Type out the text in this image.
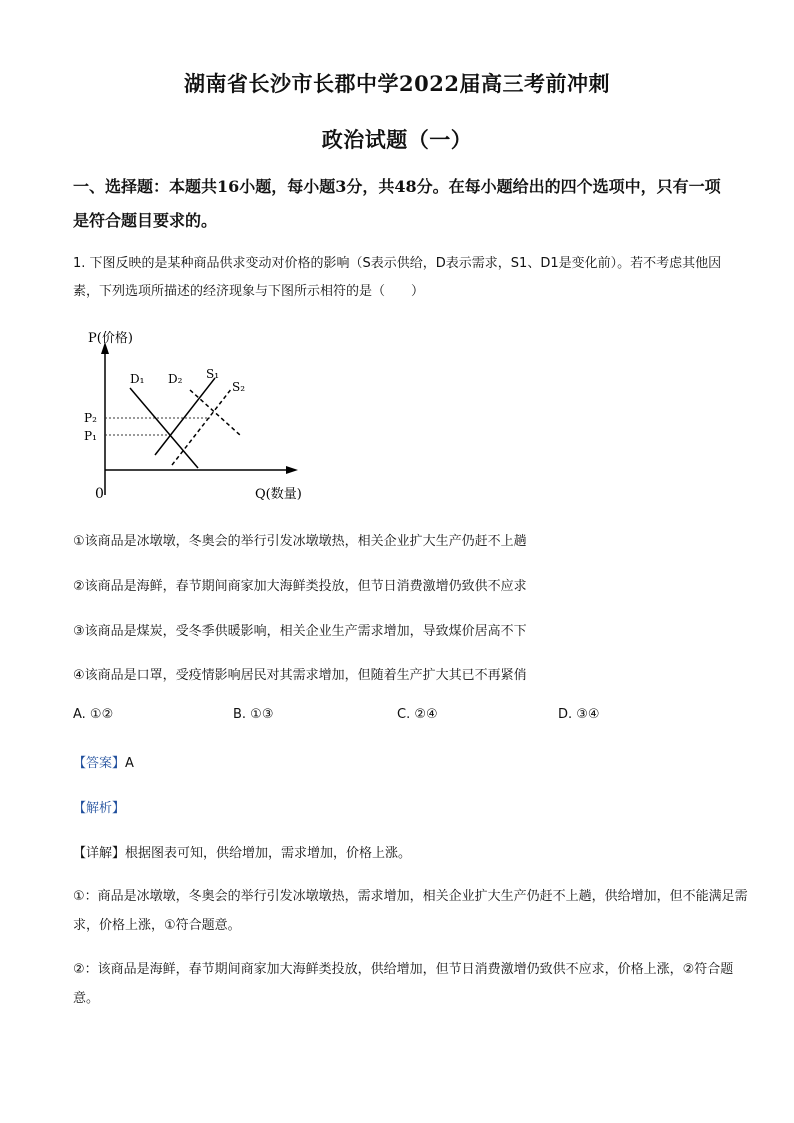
湖南省长沙市长郡中学2022届高三考前冲刺
政治试题（一）
一、选择题：本题共16小题，每小题3分，共48分。在每小题给出的四个选项中，只有一项是符合题目要求的。
1. 下图反映的是某种商品供求变动对价格的影响（S表示供给，D表示需求，S1、D1是变化前）。若不考虑其他因素，下列选项所描述的经济现象与下图所示相符的是（　　）
P(价格)
Q(数量)
0
P₂
P₁
D₁ D₂ S₁
S₂
①该商品是冰墩墩，冬奥会的举行引发冰墩墩热，相关企业扩大生产仍赶不上趟
②该商品是海鲜，春节期间商家加大海鲜类投放，但节日消费激增仍致供不应求
③该商品是煤炭，受冬季供暖影响，相关企业生产需求增加，导致煤价居高不下
④该商品是口罩，受疫情影响居民对其需求增加，但随着生产扩大其已不再紧俏
A. ①②	B. ①③	C. ②④	D. ③④
【答案】A
【解析】
【详解】根据图表可知，供给增加，需求增加，价格上涨。
①：商品是冰墩墩，冬奥会的举行引发冰墩墩热，需求增加，相关企业扩大生产仍赶不上趟，供给增加，但不能满足需求，价格上涨，①符合题意。
②：该商品是海鲜，春节期间商家加大海鲜类投放，供给增加，但节日消费激增仍致供不应求，价格上涨，②符合题意。
